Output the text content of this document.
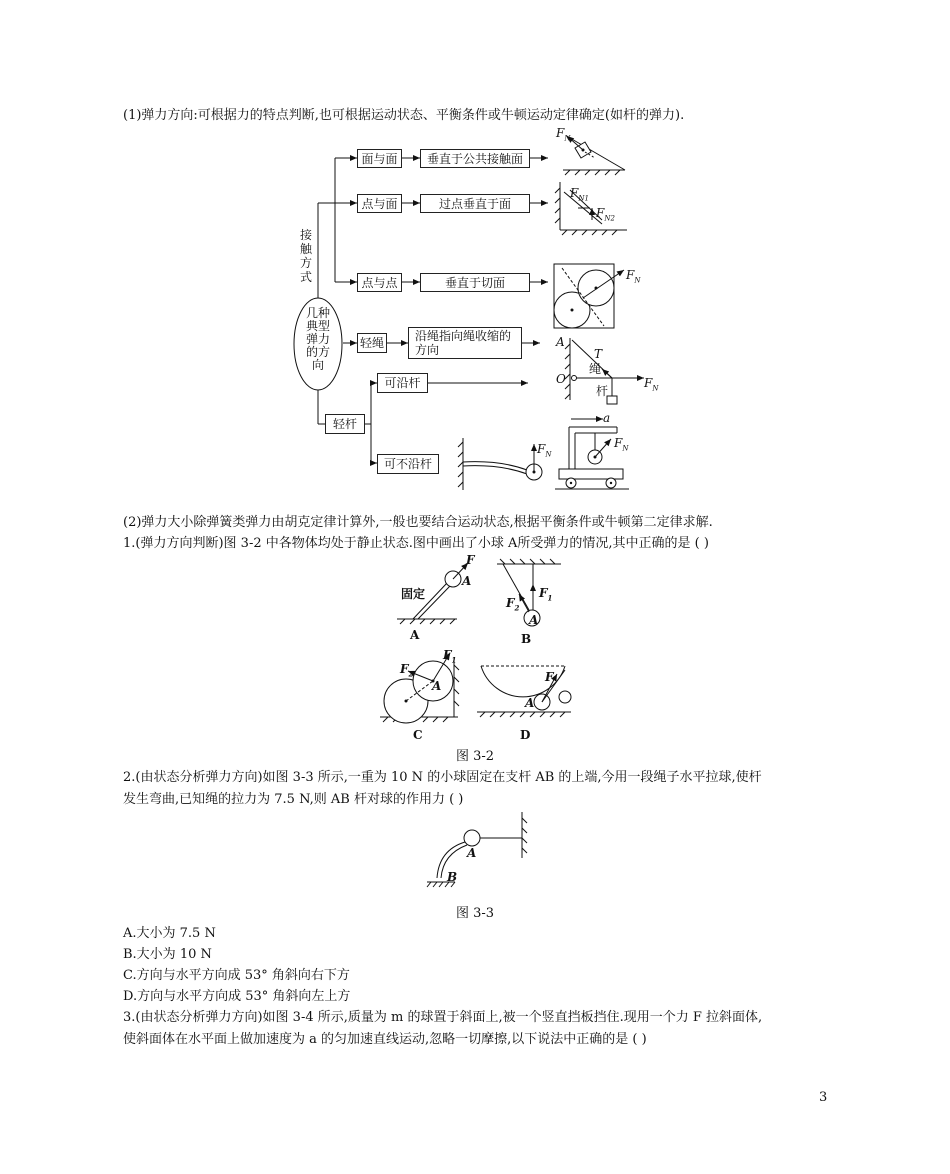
(1)弹力方向:可根据力的特点判断,也可根据运动状态、平衡条件或牛顿运动定律确定(如杆的弹力).
接触方式
几种典型弹力的方向
面与面	垂直于公共接触面
点与面	过点垂直于面
点与点	垂直于切面
轻绳	沿绳指向绳收缩的方向
轻杆
可沿杆
可不沿杆
$F_N$
$F_{N1}$
$F_{N2}$
$F_N$
A
T
绳
O
杆
$F_N$
$F_N$
a
$F_N$
(2)弹力大小除弹簧类弹力由胡克定律计算外,一般也要结合运动状态,根据平衡条件或牛顿第二定律求解.
1.(弹力方向判断)图 3-2 中各物体均处于静止状态.图中画出了小球 A所受弹力的情况,其中正确的是 ( )
固定
F
A
A
$F_1$
$F_2$
A
B
$F_1$
$F_2$
A
C
F
A
D
图 3-2
2.(由状态分析弹力方向)如图 3-3 所示,一重为 10 N 的小球固定在支杆 AB 的上端,今用一段绳子水平拉球,使杆
发生弯曲,已知绳的拉力为 7.5 N,则 AB 杆对球的作用力 ( )
A
B
图 3-3
A.大小为 7.5 N
B.大小为 10 N
C.方向与水平方向成 53° 角斜向右下方
D.方向与水平方向成 53° 角斜向左上方
3.(由状态分析弹力方向)如图 3-4 所示,质量为 m 的球置于斜面上,被一个竖直挡板挡住.现用一个力 F 拉斜面体,
使斜面体在水平面上做加速度为 a 的匀加速直线运动,忽略一切摩擦,以下说法中正确的是 ( )
3
